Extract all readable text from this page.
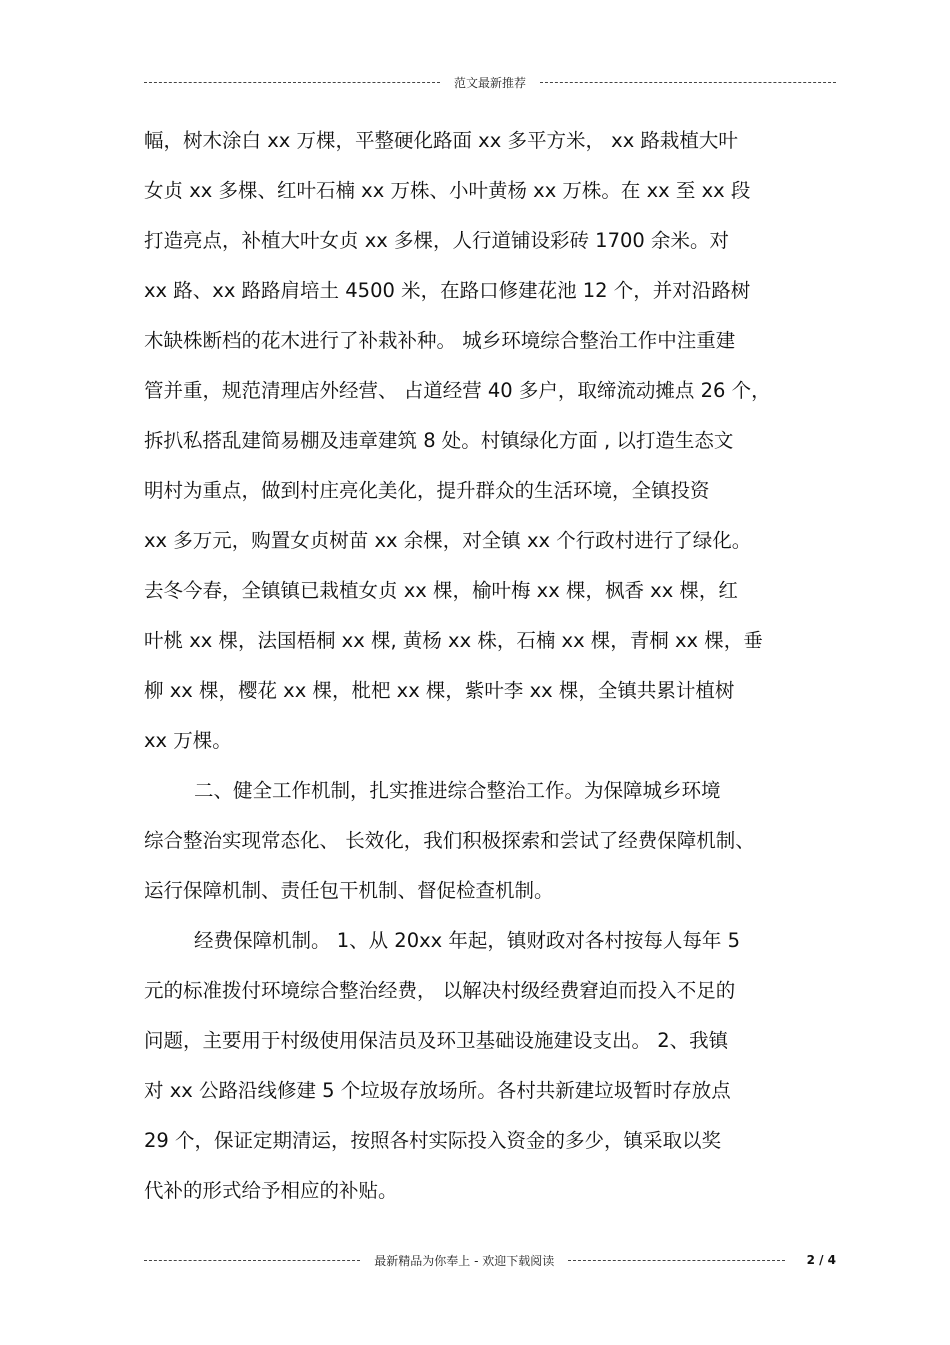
范文最新推荐
幅，树木涂白 xx 万棵，平整硬化路面 xx 多平方米， xx 路栽植大叶
女贞 xx 多棵、红叶石楠 xx 万株、小叶黄杨 xx 万株。在 xx 至 xx 段
打造亮点，补植大叶女贞 xx 多棵，人行道铺设彩砖 1700 余米。对
xx 路、xx 路路肩培土 4500 米，在路口修建花池 12 个，并对沿路树
木缺株断档的花木进行了补栽补种。 城乡环境综合整治工作中注重建
管并重，规范清理店外经营、 占道经营 40 多户，取缔流动摊点 26 个，
拆扒私搭乱建简易棚及违章建筑 8 处。村镇绿化方面 , 以打造生态文
明村为重点，做到村庄亮化美化，提升群众的生活环境，全镇投资
xx 多万元，购置女贞树苗 xx 余棵，对全镇 xx 个行政村进行了绿化。
去冬今春，全镇镇已栽植女贞 xx 棵，榆叶梅 xx 棵，枫香 xx 棵，红
叶桃 xx 棵，法国梧桐 xx 棵, 黄杨 xx 株，石楠 xx 棵，青桐 xx 棵，垂
柳 xx 棵，樱花 xx 棵，枇杷 xx 棵，紫叶李 xx 棵，全镇共累计植树
xx 万棵。
二、健全工作机制，扎实推进综合整治工作。为保障城乡环境
综合整治实现常态化、 长效化，我们积极探索和尝试了经费保障机制、
运行保障机制、责任包干机制、督促检查机制。
经费保障机制。 1、从 20xx 年起，镇财政对各村按每人每年 5
元的标准拨付环境综合整治经费， 以解决村级经费窘迫而投入不足的
问题，主要用于村级使用保洁员及环卫基础设施建设支出。 2、我镇
对 xx 公路沿线修建 5 个垃圾存放场所。各村共新建垃圾暂时存放点
29 个，保证定期清运，按照各村实际投入资金的多少，镇采取以奖
代补的形式给予相应的补贴。
最新精品为你奉上 - 欢迎下载阅读	2 / 4
